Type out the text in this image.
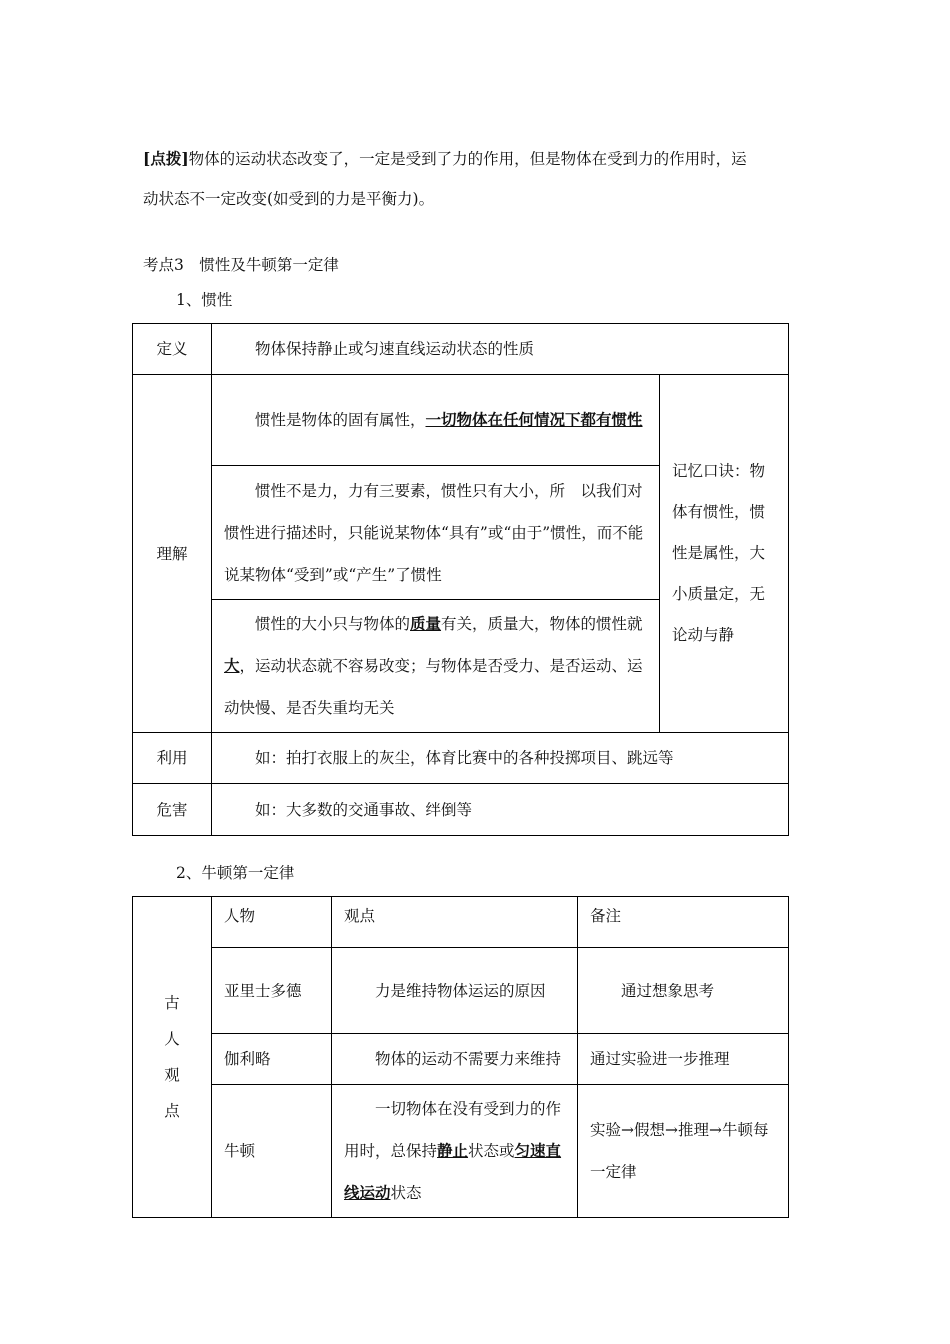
[点拨]物体的运动状态改变了，一定是受到了力的作用，但是物体在受到力的作用时，运
动状态不一定改变(如受到的力是平衡力)。
考点3　惯性及牛顿第一定律
1、惯性
定义	物体保持静止或匀速直线运动状态的性质	
理解	惯性是物体的固有属性，一切物体在任何情况下都有惯性	记忆口诀：物体有惯性，惯性是属性，大小质量定，无论动与静
	惯性不是力，力有三要素，惯性只有大小，所　以我们对惯性进行描述时，只能说某物体“具有”或“由于”惯性，而不能说某物体“受到”或“产生”了惯性	
	惯性的大小只与物体的质量有关，质量大，物体的惯性就大，运动状态就不容易改变；与物体是否受力、是否运动、运动快慢、是否失重均无关	
利用	如：拍打衣服上的灰尘，体育比赛中的各种投掷项目、跳远等	
危害	如：大多数的交通事故、绊倒等	
2、牛顿第一定律
古
人
观
点	人物	观点	备注
	亚里士多德	力是维持物体运运的原因	通过想象思考
	伽利略	物体的运动不需要力来维持	通过实验进一步推理
	牛顿	一切物体在没有受到力的作用时，总保持静止状态或匀速直线运动状态	实验→假想→推理→牛顿每一定律
